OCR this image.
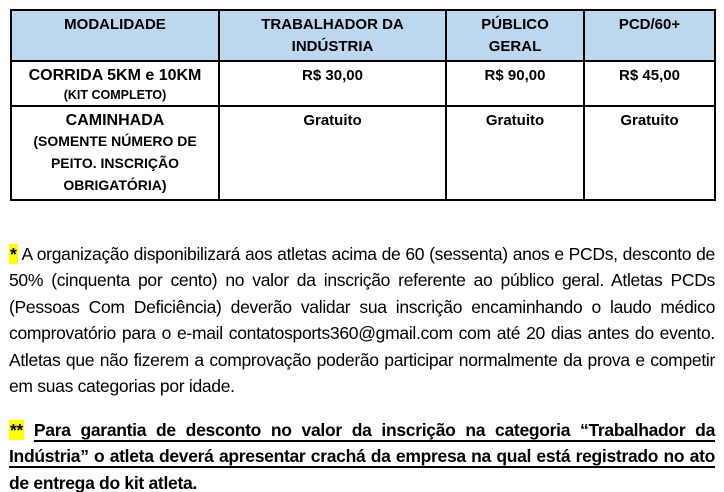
MODALIDADE	TRABALHADOR DA INDÚSTRIA	PÚBLICO GERAL	PCD/60+

CORRIDA 5KM e 10KM
(KIT COMPLETO)	R$ 30,00	R$ 90,00	R$ 45,00

CAMINHADA
(SOMENTE NÚMERO DE PEITO. INSCRIÇÃO OBRIGATÓRIA)	Gratuito	Gratuito	Gratuito

* A organização disponibilizará aos atletas acima de 60 (sessenta) anos e PCDs, desconto de 50% (cinquenta por cento) no valor da inscrição referente ao público geral. Atletas PCDs (Pessoas Com Deficiência) deverão validar sua inscrição encaminhando o laudo médico comprovatório para o e-mail contatosports360@gmail.com com até 20 dias antes do evento. Atletas que não fizerem a comprovação poderão participar normalmente da prova e competir em suas categorias por idade.

** Para garantia de desconto no valor da inscrição na categoria “Trabalhador da Indústria” o atleta deverá apresentar crachá da empresa na qual está registrado no ato de entrega do kit atleta.
